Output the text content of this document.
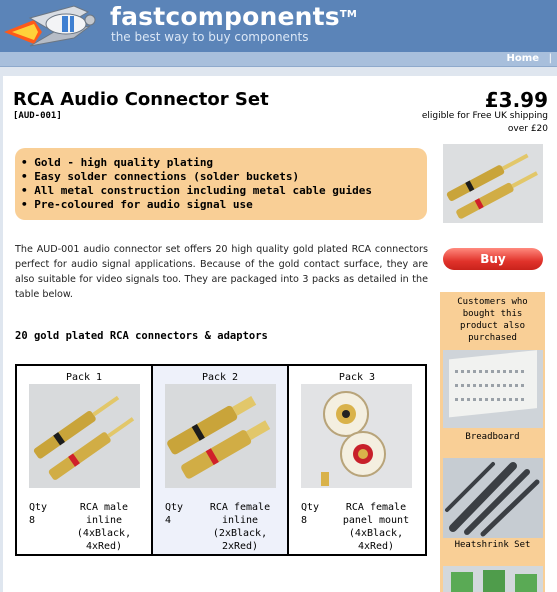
fastcomponents™
the best way to buy components
Home |
RCA Audio Connector Set
[AUD-001]
£3.99
eligible for Free UK shipping over £20
• Gold - high quality plating
• Easy solder connections (solder buckets)
• All metal construction including metal cable guides
• Pre-coloured for audio signal use
The AUD-001 audio connector set offers 20 high quality gold plated RCA connectors perfect for audio signal applications. Because of the gold contact surface, they are also suitable for video signals too. They are packaged into 3 packs as detailed in the table below.
20 gold plated RCA connectors & adaptors
Pack 1
Qty
8
RCA male
inline
(4xBlack,
4xRed)
Pack 2
Qty
4
RCA female
inline
(2xBlack,
2xRed)
Pack 3
Qty
8
RCA female
panel mount
(4xBlack,
4xRed)
Buy
Customers who
bought this
product also
purchased
Breadboard
Heatshrink Set
